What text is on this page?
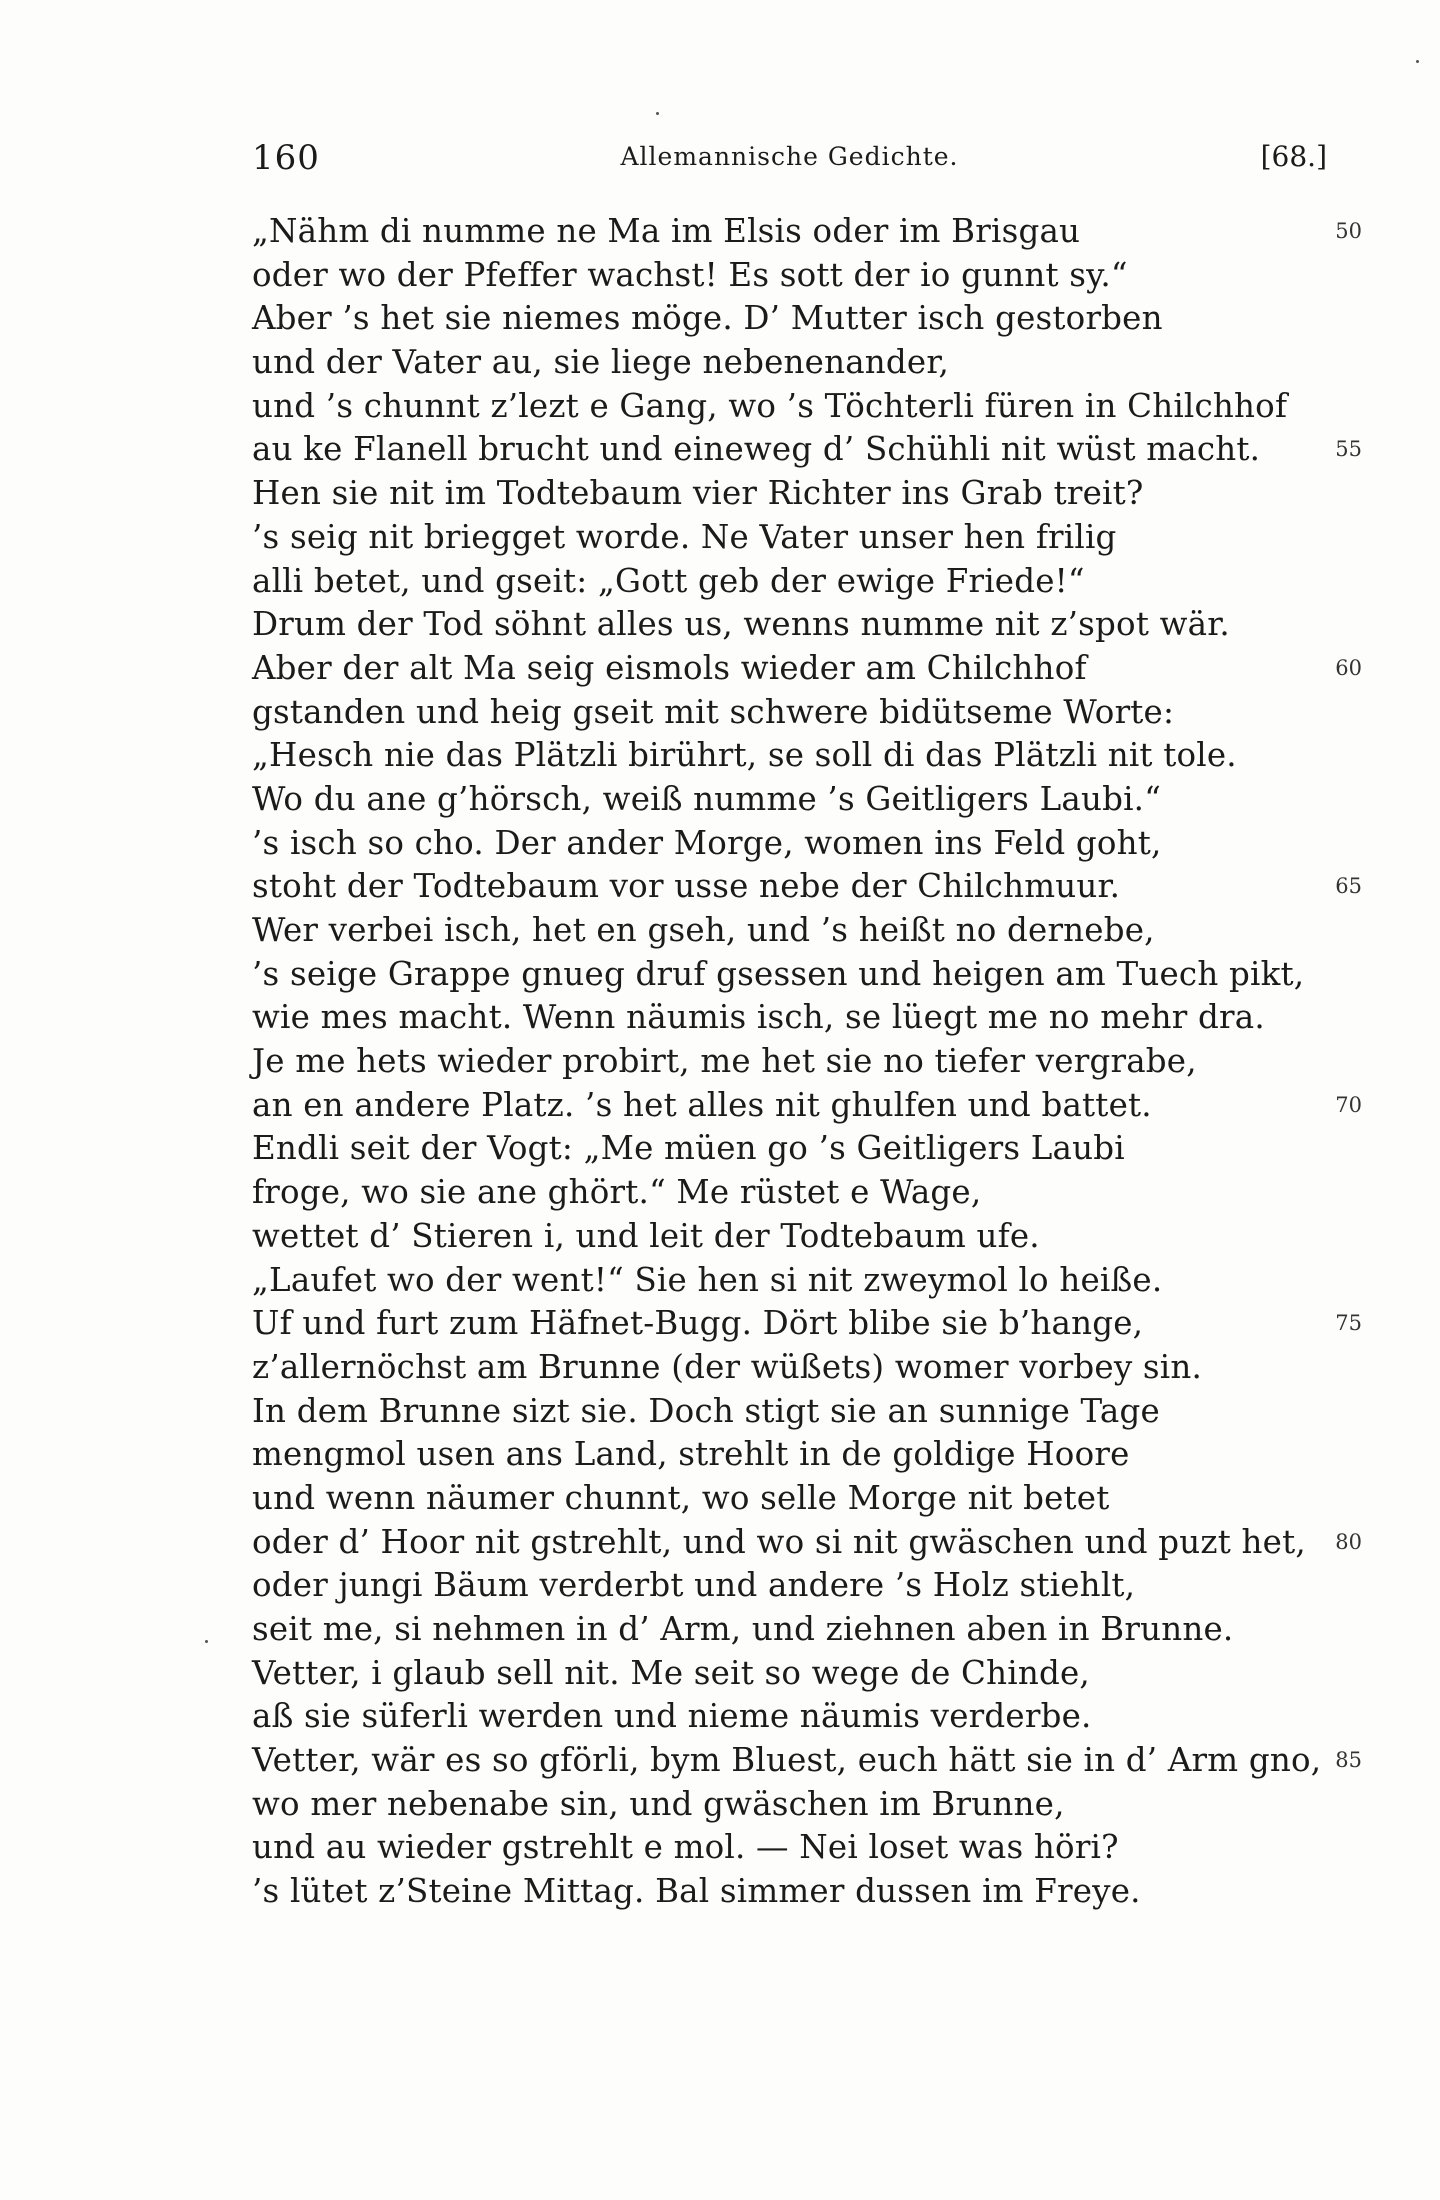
160	Allemannische Gedichte.	[68.]
„Nähm di numme ne Ma im Elsis oder im Brisgau	50
oder wo der Pfeffer wachst! Es sott der io gunnt sy.“
Aber ’s het sie niemes möge. D’ Mutter isch gestorben
und der Vater au, sie liege nebenenander,
und ’s chunnt z’lezt e Gang, wo ’s Töchterli füren in Chilchhof
au ke Flanell brucht und eineweg d’ Schühli nit wüst macht.	55
Hen sie nit im Todtebaum vier Richter ins Grab treit?
’s seig nit briegget worde. Ne Vater unser hen frilig
alli betet, und gseit: „Gott geb der ewige Friede!“
Drum der Tod söhnt alles us, wenns numme nit z’spot wär.
Aber der alt Ma seig eismols wieder am Chilchhof	60
gstanden und heig gseit mit schwere bidütseme Worte:
„Hesch nie das Plätzli birührt, se soll di das Plätzli nit tole.
Wo du ane g’hörsch, weiß numme ’s Geitligers Laubi.“
’s isch so cho. Der ander Morge, women ins Feld goht,
stoht der Todtebaum vor usse nebe der Chilchmuur.	65
Wer verbei isch, het en gseh, und ’s heißt no dernebe,
’s seige Grappe gnueg druf gsessen und heigen am Tuech pikt,
wie mes macht. Wenn näumis isch, se lüegt me no mehr dra.
Je me hets wieder probirt, me het sie no tiefer vergrabe,
an en andere Platz. ’s het alles nit ghulfen und battet.	70
Endli seit der Vogt: „Me müen go ’s Geitligers Laubi
froge, wo sie ane ghört.“ Me rüstet e Wage,
wettet d’ Stieren i, und leit der Todtebaum ufe.
„Laufet wo der went!“ Sie hen si nit zweymol lo heiße.
Uf und furt zum Häfnet-Bugg. Dört blibe sie b’hange,	75
z’allernöchst am Brunne (der wüßets) womer vorbey sin.
In dem Brunne sizt sie. Doch stigt sie an sunnige Tage
mengmol usen ans Land, strehlt in de goldige Hoore
und wenn näumer chunnt, wo selle Morge nit betet
oder d’ Hoor nit gstrehlt, und wo si nit gwäschen und puzt het, 80
oder jungi Bäum verderbt und andere ’s Holz stiehlt,
seit me, si nehmen in d’ Arm, und ziehnen aben in Brunne.
Vetter, i glaub sell nit. Me seit so wege de Chinde,
aß sie süferli werden und nieme näumis verderbe.
Vetter, wär es so gförli, bym Bluest, euch hätt sie in d’ Arm gno, 85
wo mer nebenabe sin, und gwäschen im Brunne,
und au wieder gstrehlt e mol. — Nei loset was höri?
’s lütet z’Steine Mittag. Bal simmer dussen im Freye.
